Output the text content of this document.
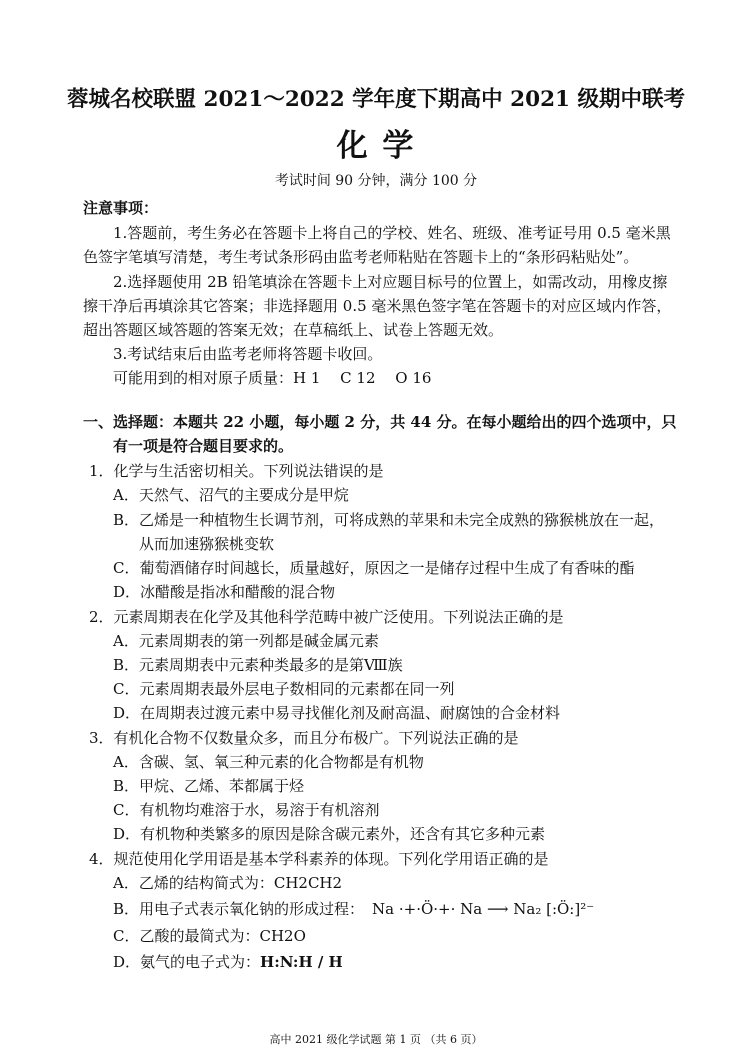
蓉城名校联盟 2021～2022 学年度下期高中 2021 级期中联考
化 学
考试时间 90 分钟，满分 100 分
注意事项：
1.答题前，考生务必在答题卡上将自己的学校、姓名、班级、准考证号用 0.5 毫米黑
色签字笔填写清楚，考生考试条形码由监考老师粘贴在答题卡上的“条形码粘贴处”。
2.选择题使用 2B 铅笔填涂在答题卡上对应题目标号的位置上，如需改动，用橡皮擦
擦干净后再填涂其它答案；非选择题用 0.5 毫米黑色签字笔在答题卡的对应区域内作答，
超出答题区域答题的答案无效；在草稿纸上、试卷上答题无效。
3.考试结束后由监考老师将答题卡收回。
可能用到的相对原子质量：H 1　 C 12　 O 16
一、选择题：本题共 22 小题，每小题 2 分，共 44 分。在每小题给出的四个选项中，只
有一项是符合题目要求的。
1．化学与生活密切相关。下列说法错误的是
A．天然气、沼气的主要成分是甲烷
B．乙烯是一种植物生长调节剂，可将成熟的苹果和未完全成熟的猕猴桃放在一起，
从而加速猕猴桃变软
C．葡萄酒储存时间越长，质量越好，原因之一是储存过程中生成了有香味的酯
D．冰醋酸是指冰和醋酸的混合物
2．元素周期表在化学及其他科学范畴中被广泛使用。下列说法正确的是
A．元素周期表的第一列都是碱金属元素
B．元素周期表中元素种类最多的是第Ⅷ族
C．元素周期表最外层电子数相同的元素都在同一列
D．在周期表过渡元素中易寻找催化剂及耐高温、耐腐蚀的合金材料
3．有机化合物不仅数量众多，而且分布极广。下列说法正确的是
A．含碳、氢、氧三种元素的化合物都是有机物
B．甲烷、乙烯、苯都属于烃
C．有机物均难溶于水，易溶于有机溶剂
D．有机物种类繁多的原因是除含碳元素外，还含有其它多种元素
4．规范使用化学用语是基本学科素养的体现。下列化学用语正确的是
A．乙烯的结构简式为：CH2CH2
B．用电子式表示氧化钠的形成过程： Na ·+·Ö·+· Na ⟶ Na₂ [:Ö:]²⁻
C．乙酸的最简式为：CH2O
D．氨气的电子式为：H:N:H / H
高中 2021 级化学试题 第 1 页 （共 6 页）
